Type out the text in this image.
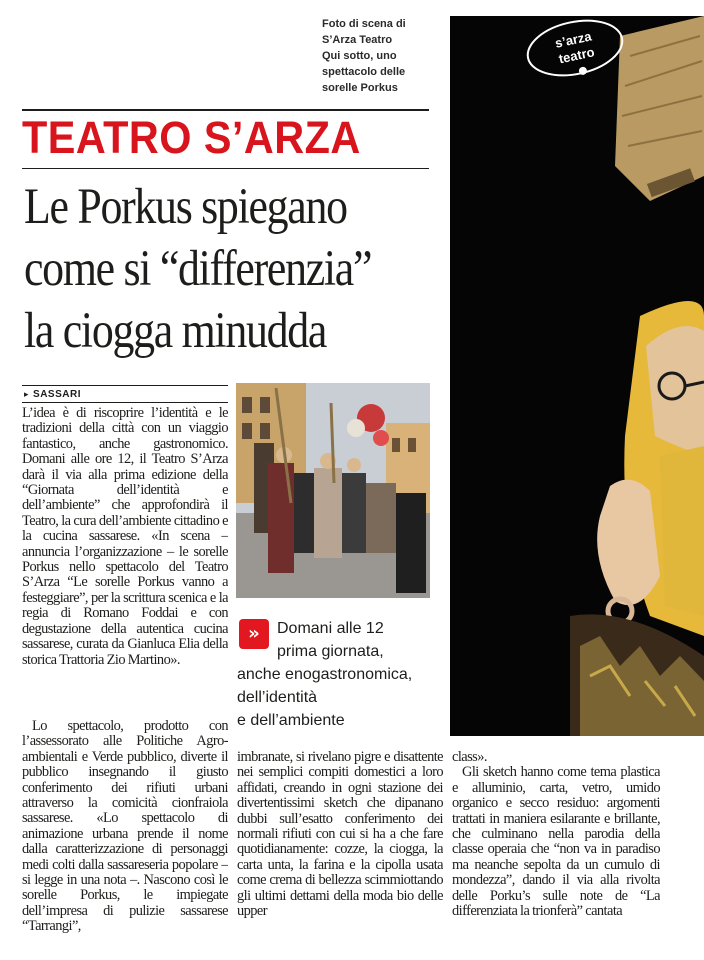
Foto di scena di
S’Arza Teatro
Qui sotto, uno
spettacolo delle
sorelle Porkus
TEATRO S’ARZA
Le Porkus spiegano
come si “differenzia”
la ciogga minudda
▸ SASSARI

L’idea è di riscoprire l’identità e le tradizioni della città con un viaggio fantastico, anche gastronomico. Domani alle ore 12, il Teatro S’Arza darà il via alla prima edizione della “Giornata dell’identità e dell’ambiente” che approfondirà il Teatro, la cura dell’ambiente cittadino e la cucina sassarese. «In scena – annuncia l’organizzazione – le sorelle Porkus nello spettacolo del Teatro S’Arza “Le sorelle Porkus vanno a festeggiare”, per la scrittura scenica e la regia di Romano Foddai e con degustazione della autentica cucina sassarese, curata da Gianluca Elia della storica Trattoria Zio Martino».

Lo spettacolo, prodotto con l’assessorato alle Politiche Agro-ambientali e Verde pubblico, diverte il pubblico insegnando il giusto conferimento dei rifiuti urbani attraverso la comicità cionfraiola sassarese. «Lo spettacolo di animazione urbana prende il nome dalla caratterizzazione di personaggi medi colti dalla sassareseria popolare – si legge in una nota –. Nascono così le sorelle Porkus, le impiegate dell’impresa di pulizie sassarese “Tarrangi”,

»	Domani alle 12
prima giornata,
anche enogastronomica,
dell’identità
e dell’ambiente

imbranate, si rivelano pigre e disattente nei semplici compiti domestici a loro affidati, creando in ogni stazione dei divertentissimi sketch che dipanano dubbi sull’esatto conferimento dei normali rifiuti con cui si ha a che fare quotidianamente: cozze, la ciogga, la carta unta, la farina e la cipolla usata come crema di bellezza scimmiottando gli ultimi dettami della moda bio delle upper

class».

Gli sketch hanno come tema plastica e alluminio, carta, vetro, umido organico e secco residuo: argomenti trattati in maniera esilarante e brillante, che culminano nella parodia della classe operaia che “non va in paradiso ma neanche sepolta da un cumulo di mondezza”, dando il via alla rivolta delle Porku’s sulle note de “La differenziata la trionferà” cantata

s’arza
teatro
